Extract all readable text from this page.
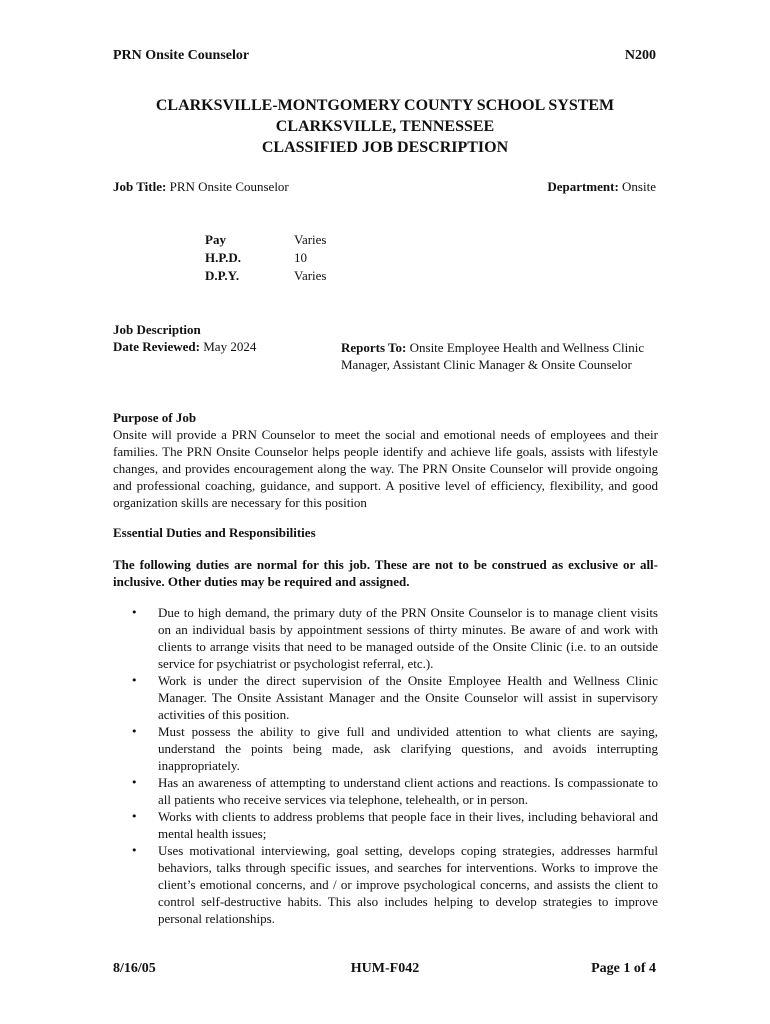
PRN Onsite Counselor	N200
CLARKSVILLE-MONTGOMERY COUNTY SCHOOL SYSTEM
CLARKSVILLE, TENNESSEE
CLASSIFIED JOB DESCRIPTION
Job Title: PRN Onsite Counselor	Department: Onsite
Pay	Varies
H.P.D.	10
D.P.Y.	Varies
Job Description
Date Reviewed: May 2024	Reports To: Onsite Employee Health and Wellness Clinic Manager, Assistant Clinic Manager & Onsite Counselor
Purpose of Job
Onsite will provide a PRN Counselor to meet the social and emotional needs of employees and their families. The PRN Onsite Counselor helps people identify and achieve life goals, assists with lifestyle changes, and provides encouragement along the way. The PRN Onsite Counselor will provide ongoing and professional coaching, guidance, and support. A positive level of efficiency, flexibility, and good organization skills are necessary for this position
Essential Duties and Responsibilities
The following duties are normal for this job. These are not to be construed as exclusive or all-inclusive. Other duties may be required and assigned.
• Due to high demand, the primary duty of the PRN Onsite Counselor is to manage client visits on an individual basis by appointment sessions of thirty minutes. Be aware of and work with clients to arrange visits that need to be managed outside of the Onsite Clinic (i.e. to an outside service for psychiatrist or psychologist referral, etc.).
• Work is under the direct supervision of the Onsite Employee Health and Wellness Clinic Manager. The Onsite Assistant Manager and the Onsite Counselor will assist in supervisory activities of this position.
• Must possess the ability to give full and undivided attention to what clients are saying, understand the points being made, ask clarifying questions, and avoids interrupting inappropriately.
• Has an awareness of attempting to understand client actions and reactions. Is compassionate to all patients who receive services via telephone, telehealth, or in person.
• Works with clients to address problems that people face in their lives, including behavioral and mental health issues;
• Uses motivational interviewing, goal setting, develops coping strategies, addresses harmful behaviors, talks through specific issues, and searches for interventions. Works to improve the client’s emotional concerns, and / or improve psychological concerns, and assists the client to control self-destructive habits. This also includes helping to develop strategies to improve personal relationships.
8/16/05	HUM-F042	Page 1 of 4
